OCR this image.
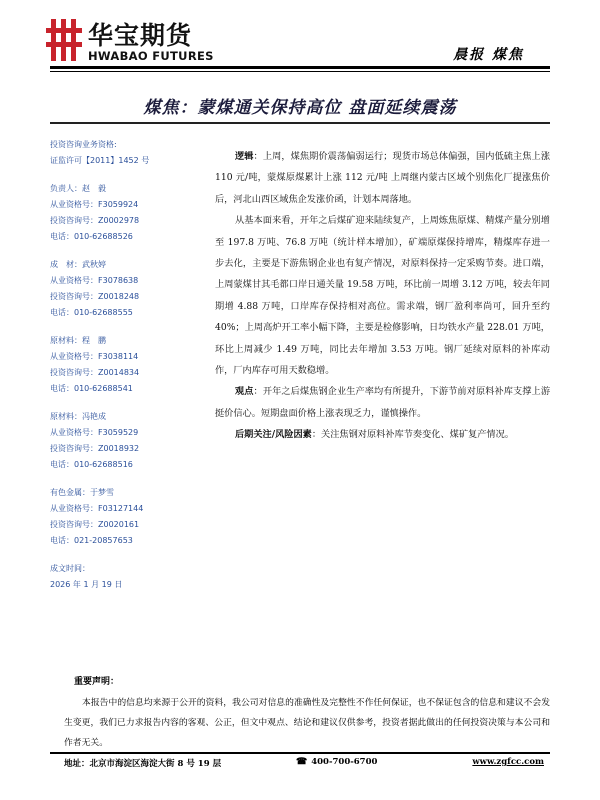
华宝期货
HWABAO FUTURES	晨报 煤焦
煤焦：蒙煤通关保持高位 盘面延续震荡
投资咨询业务资格:
证监许可【2011】1452 号
负责人：赵　毅
从业资格号：F3059924
投资咨询号：Z0002978
电话：010-62688526
成　材：武秋婷
从业资格号：F3078638
投资咨询号：Z0018248
电话：010-62688555
原材料：程　鹏
从业资格号：F3038114
投资咨询号：Z0014834
电话：010-62688541
原材料：冯艳成
从业资格号：F3059529
投资咨询号：Z0018932
电话：010-62688516
有色金属：于梦雪
从业资格号：F03127144
投资咨询号：Z0020161
电话：021-20857653
成文时间：
2026 年 1 月 19 日

逻辑：上周，煤焦期价震荡偏弱运行；现货市场总体偏强，国内低硫主焦上涨 110 元/吨，蒙煤原煤累计上涨 112 元/吨 上周继内蒙古区域个别焦化厂提涨焦价后，河北山西区域焦企发涨价函，计划本周落地。

从基本面来看，开年之后煤矿迎来陆续复产，上周炼焦原煤、精煤产量分别增至 197.8 万吨、76.8 万吨（统计样本增加），矿端原煤保持增库，精煤库存进一步去化，主要是下游焦钢企业也有复产情况，对原料保持一定采购节奏。进口端，上周蒙煤甘其毛都口岸日通关量 19.58 万吨，环比前一周增 3.12 万吨，较去年同期增 4.88 万吨，口岸库存保持相对高位。需求端，钢厂盈利率尚可，回升至约 40%；上周高炉开工率小幅下降，主要是检修影响，日均铁水产量 228.01 万吨，环比上周减少 1.49 万吨，同比去年增加 3.53 万吨。钢厂延续对原料的补库动作，厂内库存可用天数稳增。

观点：开年之后煤焦钢企业生产率均有所提升，下游节前对原料补库支撑上游挺价信心。短期盘面价格上涨表现乏力，谨慎操作。

后期关注/风险因素：关注焦钢对原料补库节奏变化、煤矿复产情况。

重要声明：

本报告中的信息均来源于公开的资料，我公司对信息的准确性及完整性不作任何保证，也不保证包含的信息和建议不会发生变更，我们已力求报告内容的客观、公正，但文中观点、结论和建议仅供参考，投资者据此做出的任何投资决策与本公司和作者无关。

地址：北京市海淀区海淀大街 8 号 19 层	☎ 400-700-6700	www.zgfcc.com
